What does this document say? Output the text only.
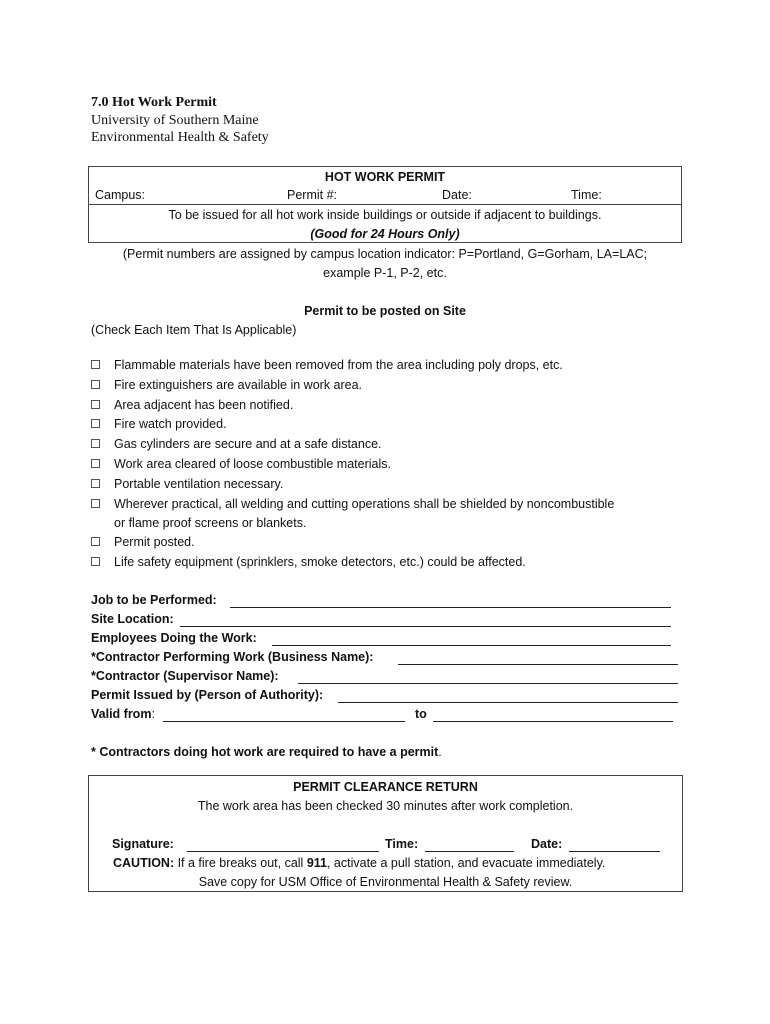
7.0 Hot Work Permit
University of Southern Maine
Environmental Health & Safety
HOT WORK PERMIT
Campus:	Permit #:	Date:	Time:
To be issued for all hot work inside buildings or outside if adjacent to buildings.
(Good for 24 Hours Only)
(Permit numbers are assigned by campus location indicator: P=Portland, G=Gorham, LA=LAC;
example P-1, P-2, etc.
Permit to be posted on Site
(Check Each Item That Is Applicable)
Flammable materials have been removed from the area including poly drops, etc.
Fire extinguishers are available in work area.
Area adjacent has been notified.
Fire watch provided.
Gas cylinders are secure and at a safe distance.
Work area cleared of loose combustible materials.
Portable ventilation necessary.
Wherever practical, all welding and cutting operations shall be shielded by noncombustible
or flame proof screens or blankets.
Permit posted.
Life safety equipment (sprinklers, smoke detectors, etc.) could be affected.
Job to be Performed:
Site Location:
Employees Doing the Work:
*Contractor Performing Work (Business Name):
*Contractor (Supervisor Name):
Permit Issued by (Person of Authority):
Valid from:	to
* Contractors doing hot work are required to have a permit.
PERMIT CLEARANCE RETURN
The work area has been checked 30 minutes after work completion.
Signature:	Time:	Date:
CAUTION: If a fire breaks out, call 911, activate a pull station, and evacuate immediately.
Save copy for USM Office of Environmental Health & Safety review.
